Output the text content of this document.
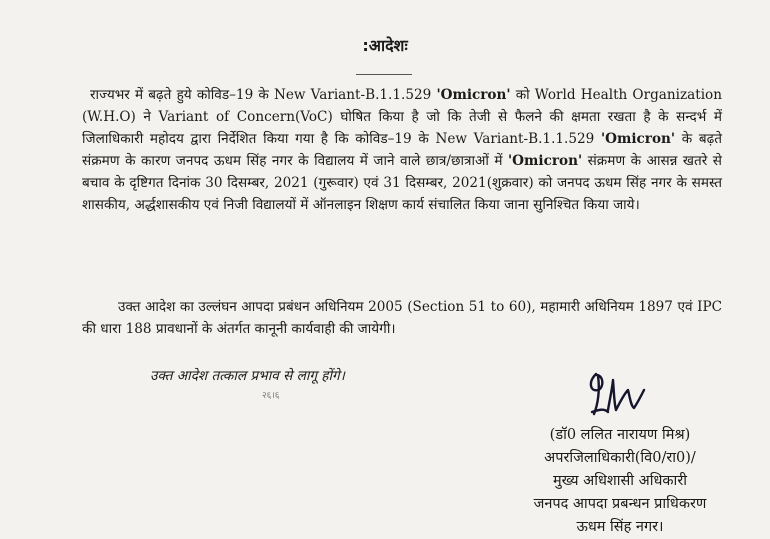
:आदेशः
राज्यभर में बढ़ते हुये कोविड–19 के New Variant-B.1.1.529 'Omicron' को World Health Organization (W.H.O) ने Variant of Concern(VoC) घोषित किया है जो कि तेजी से फैलने की क्षमता रखता है के सन्दर्भ में जिलाधिकारी महोदय द्वारा निर्देशित किया गया है कि कोविड–19 के New Variant-B.1.1.529 'Omicron' के बढ़ते संक्रमण के कारण जनपद ऊधम सिंह नगर के विद्यालय में जाने वाले छात्र/छात्राओं में 'Omicron' संक्रमण के आसन्न खतरे से बचाव के दृष्टिगत दिनांक 30 दिसम्बर, 2021 (गुरूवार) एवं 31 दिसम्बर, 2021(शुक्रवार) को जनपद ऊधम सिंह नगर के समस्त शासकीय, अर्द्धशासकीय एवं निजी विद्यालयों में ऑनलाइन शिक्षण कार्य संचालित किया जाना सुनिश्चित किया जाये।
उक्त आदेश का उल्लंघन आपदा प्रबंधन अधिनियम 2005 (Section 51 to 60), महामारी अधिनियम 1897 एवं IPC की धारा 188 प्रावधानों के अंतर्गत कानूनी कार्यवाही की जायेगी।
उक्त आदेश तत्काल प्रभाव से लागू होंगे।
२६।६
(डॉ0 ललित नारायण मिश्र)
अपरजिलाधिकारी(वि0/रा0)/
मुख्य अधिशासी अधिकारी
जनपद आपदा प्रबन्धन प्राधिकरण
ऊधम सिंह नगर।
